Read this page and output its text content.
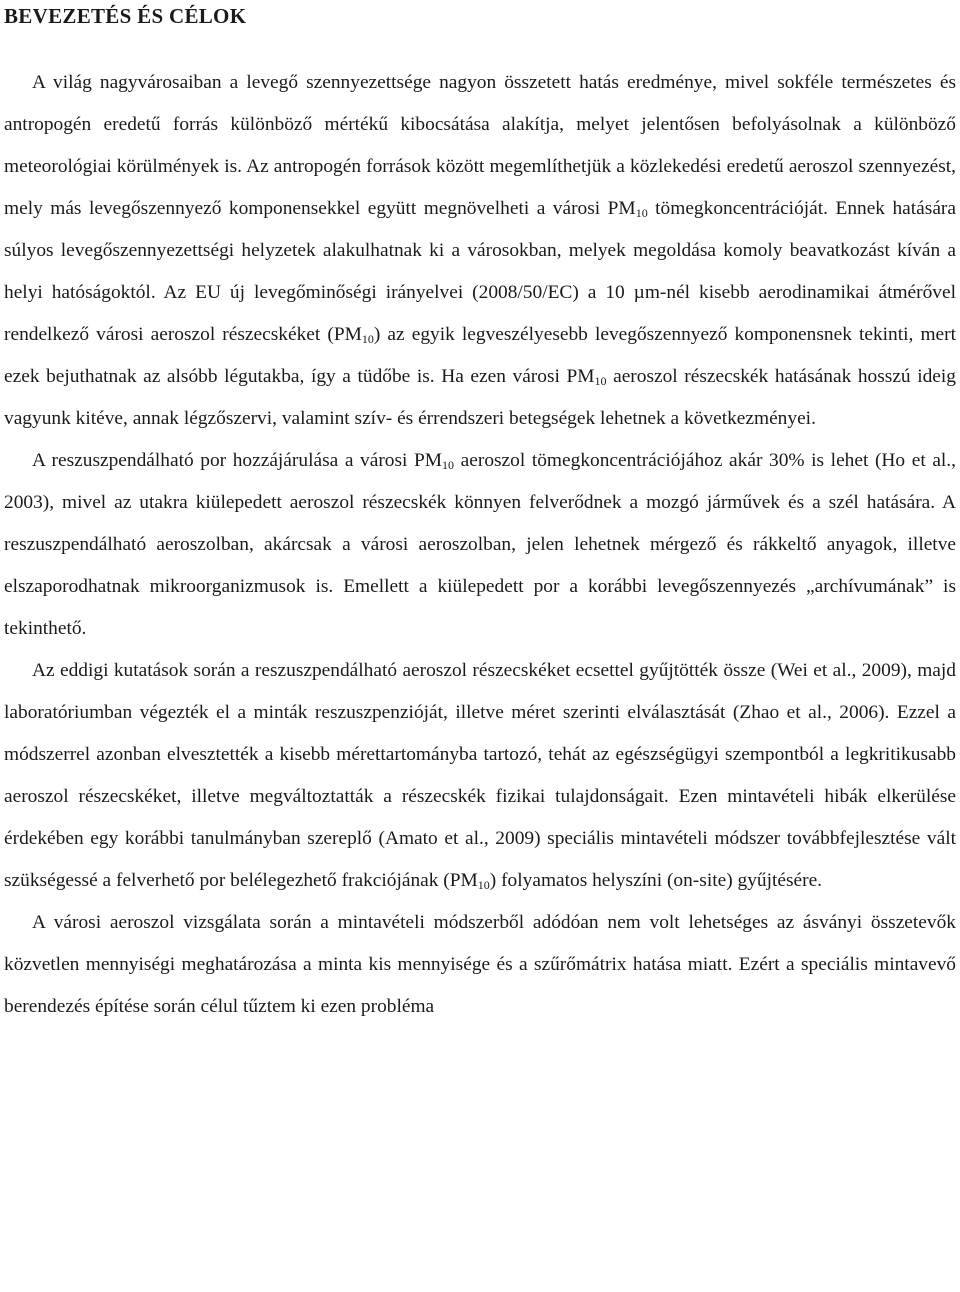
BEVEZETÉS ÉS CÉLOK

A világ nagyvárosaiban a levegő szennyezettsége nagyon összetett hatás eredménye, mivel sokféle természetes és antropogén eredetű forrás különböző mértékű kibocsátása alakítja, melyet jelentősen befolyásolnak a különböző meteorológiai körülmények is. Az antropogén források között megemlíthetjük a közlekedési eredetű aeroszol szennyezést, mely más levegőszennyező komponensekkel együtt megnövelheti a városi $PM_{10}$ tömegkoncentrációját. Ennek hatására súlyos levegőszennyezettségi helyzetek alakulhatnak ki a városokban, melyek megoldása komoly beavatkozást kíván a helyi hatóságoktól. Az EU új levegőminőségi irányelvei (2008/50/EC) a 10 µm-nél kisebb aerodinamikai átmérővel rendelkező városi aeroszol részecskéket $(PM_{10})$ az egyik legveszélyesebb levegőszennyező komponensnek tekinti, mert ezek bejuthatnak az alsóbb légutakba, így a tüdőbe is. Ha ezen városi $PM_{10}$ aeroszol részecskék hatásának hosszú ideig vagyunk kitéve, annak légzőszervi, valamint szív- és érrendszeri betegségek lehetnek a következményei.

A reszuszpendálható por hozzájárulása a városi $PM_{10}$ aeroszol tömegkoncentrációjához akár 30% is lehet (Ho et al., 2003), mivel az utakra kiülepedett aeroszol részecskék könnyen felverődnek a mozgó járművek és a szél hatására. A reszuszpendálható aeroszolban, akárcsak a városi aeroszolban, jelen lehetnek mérgező és rákkeltő anyagok, illetve elszaporodhatnak mikroorganizmusok is. Emellett a kiülepedett por a korábbi levegőszennyezés „archívumának” is tekinthető.

Az eddigi kutatások során a reszuszpendálható aeroszol részecskéket ecsettel gyűjtötték össze (Wei et al., 2009), majd laboratóriumban végezték el a minták reszuszpenzióját, illetve méret szerinti elválasztását (Zhao et al., 2006). Ezzel a módszerrel azonban elvesztették a kisebb mérettartományba tartozó, tehát az egészségügyi szempontból a legkritikusabb aeroszol részecskéket, illetve megváltoztatták a részecskék fizikai tulajdonságait. Ezen mintavételi hibák elkerülése érdekében egy korábbi tanulmányban szereplő (Amato et al., 2009) speciális mintavételi módszer továbbfejlesztése vált szükségessé a felverhető por belélegezhető frakciójának $(PM_{10})$ folyamatos helyszíni (on-site) gyűjtésére.

A városi aeroszol vizsgálata során a mintavételi módszerből adódóan nem volt lehetséges az ásványi összetevők közvetlen mennyiségi meghatározása a minta kis mennyisége és a szűrőmátrix hatása miatt. Ezért a speciális mintavevő berendezés építése során célul tűztem ki ezen probléma
